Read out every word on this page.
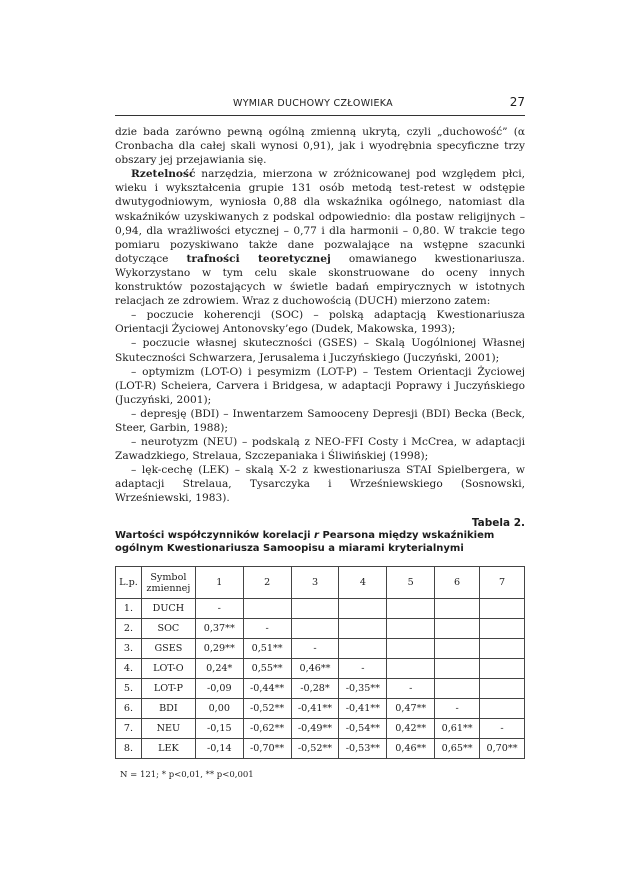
WYMIAR DUCHOWY CZŁOWIEKA	27

dzie bada zarówno pewną ogólną zmienną ukrytą, czyli „duchowość” (α Cronbacha dla całej skali wynosi 0,91), jak i wyodrębnia specyficzne trzy obszary jej przejawiania się.

Rzetelność narzędzia, mierzona w zróżnicowanej pod względem płci, wieku i wykształcenia grupie 131 osób metodą test-retest w odstępie dwutygodniowym, wyniosła 0,88 dla wskaźnika ogólnego, natomiast dla wskaźników uzyskiwanych z podskal odpowiednio: dla postaw religijnych – 0,94, dla wrażliwości etycznej – 0,77 i dla harmonii – 0,80. W trakcie tego pomiaru pozyskiwano także dane pozwalające na wstępne szacunki dotyczące trafności teoretycznej omawianego kwestionariusza. Wykorzystano w tym celu skale skonstruowane do oceny innych konstruktów pozostających w świetle badań empirycznych w istotnych relacjach ze zdrowiem. Wraz z duchowością (DUCH) mierzono zatem:

– poczucie koherencji (SOC) – polską adaptacją Kwestionariusza Orientacji Życiowej Antonovsky’ego (Dudek, Makowska, 1993);

– poczucie własnej skuteczności (GSES) – Skalą Uogólnionej Własnej Skuteczności Schwarzera, Jerusalema i Juczyńskiego (Juczyński, 2001);

– optymizm (LOT-O) i pesymizm (LOT-P) – Testem Orientacji Życiowej (LOT-R) Scheiera, Carvera i Bridgesa, w adaptacji Poprawy i Juczyńskiego (Juczyński, 2001);

– depresję (BDI) – Inwentarzem Samooceny Depresji (BDI) Becka (Beck, Steer, Garbin, 1988);

– neurotyzm (NEU) – podskalą z NEO-FFI Costy i McCrea, w adaptacji Zawadzkiego, Strelaua, Szczepaniaka i Śliwińskiej (1998);

– lęk-cechę (LEK) – skalą X-2 z kwestionariusza STAI Spielbergera, w adaptacji Strelaua, Tysarczyka i Wrześniewskiego (Sosnowski, Wrześniewski, 1983).

Tabela 2.
Wartości współczynników korelacji r Pearsona między wskaźnikiem ogólnym Kwestionariusza Samoopisu a miarami kryterialnymi
L.p.	Symbol zmiennej	1	2	3	4	5	6	7
1.	DUCH	-						
2.	SOC	0,37**	-					
3.	GSES	0,29**	0,51**	-				
4.	LOT-O	0,24*	0,55**	0,46**	-			
5.	LOT-P	-0,09	-0,44**	-0,28*	-0,35**	-		
6.	BDI	0,00	-0,52**	-0,41**	-0,41**	0,47**	-	
7.	NEU	-0,15	-0,62**	-0,49**	-0,54**	0,42**	0,61**	-
8.	LEK	-0,14	-0,70**	-0,52**	-0,53**	0,46**	0,65**	0,70**
N = 121; * p<0,01, ** p<0,001
